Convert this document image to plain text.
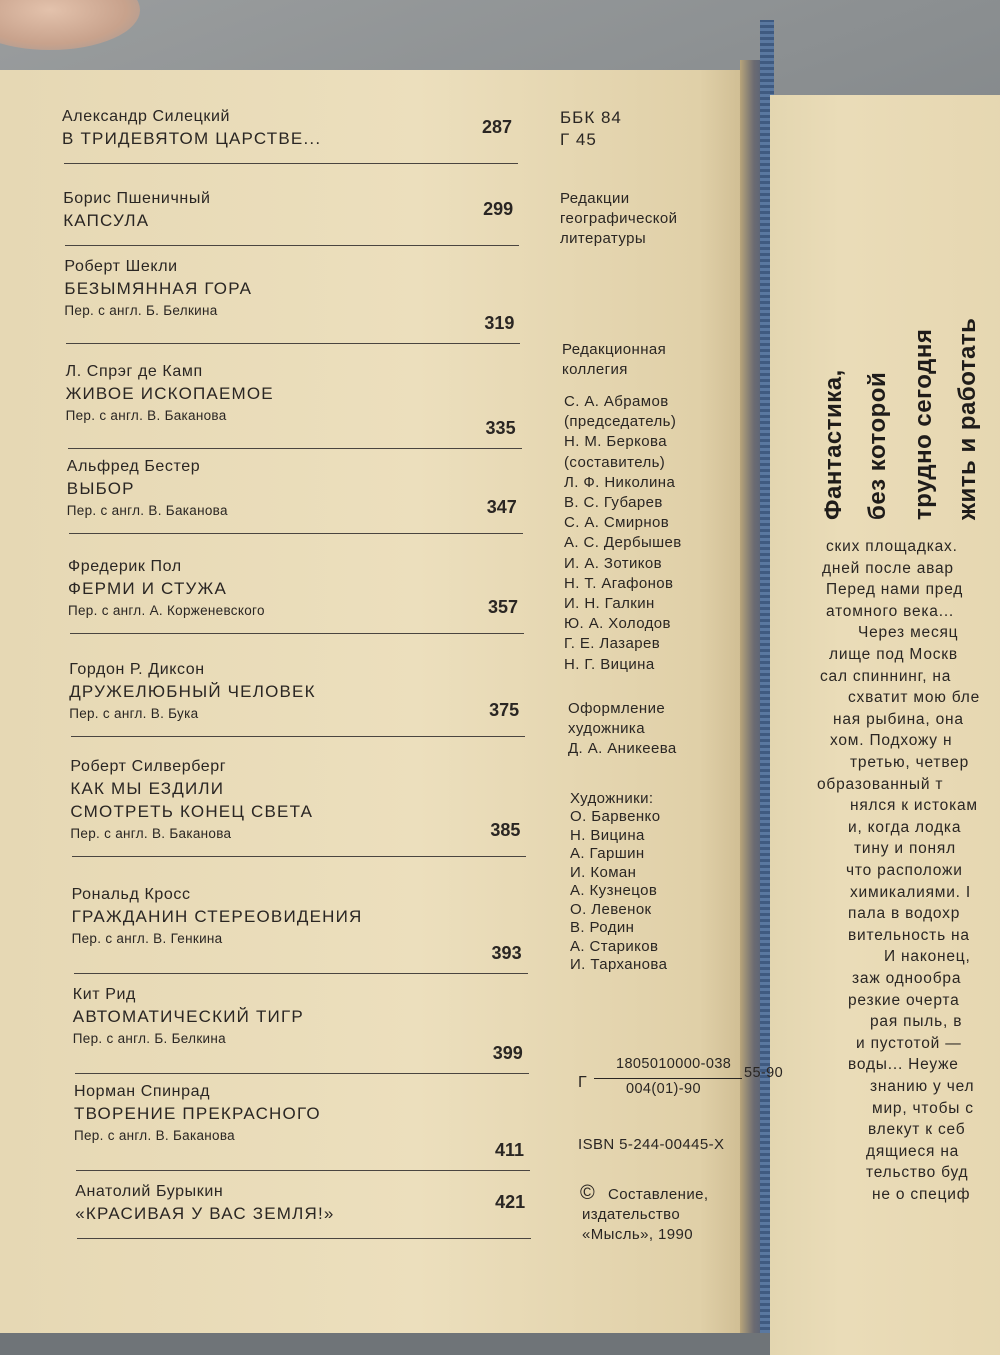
Александр Силецкий
В ТРИДЕВЯТОМ ЦАРСТВЕ...
287
Борис Пшеничный
КАПСУЛА
299
Роберт Шекли
БЕЗЫМЯННАЯ ГОРА
Пер. с англ. Б. Белкина
319
Л. Спрэг де Камп
ЖИВОЕ ИСКОПАЕМОЕ
Пер. с англ. В. Баканова
335
Альфред Бестер
ВЫБОР
Пер. с англ. В. Баканова	347
Фредерик Пол
ФЕРМИ И СТУЖА
Пер. с англ. А. Корженевского	357
Гордон Р. Диксон
ДРУЖЕЛЮБНЫЙ ЧЕЛОВЕК
Пер. с англ. В. Бука	375
Роберт Силверберг
КАК МЫ ЕЗДИЛИ
СМОТРЕТЬ КОНЕЦ СВЕТА
Пер. с англ. В. Баканова	385
Рональд Кросс
ГРАЖДАНИН СТЕРЕОВИДЕНИЯ
Пер. с англ. В. Генкина
393
Кит Рид
АВТОМАТИЧЕСКИЙ ТИГР
Пер. с англ. Б. Белкина
399
Норман Спинрад
ТВОРЕНИЕ ПРЕКРАСНОГО
Пер. с англ. В. Баканова
411
Анатолий Бурыкин
«КРАСИВАЯ У ВАС ЗЕМЛЯ!»
421
ББК 84
Г 45
Редакции
географической
литературы
Редакционная
коллегия
С. А. Абрамов
(председатель)
Н. М. Беркова
(составитель)
Л. Ф. Николина
В. С. Губарев
С. А. Смирнов
А. С. Дербышев
И. А. Зотиков
Н. Т. Агафонов
И. Н. Галкин
Ю. А. Холодов
Г. Е. Лазарев
Н. Г. Вицина
Оформление
художника
Д. А. Аникеева
Художники:
О. Барвенко
Н. Вицина
А. Гаршин
И. Коман
А. Кузнецов
О. Левенок
В. Родин
А. Стариков
И. Тарханова
Г
1805010000-038
004(01)-90
55-90
ISBN 5-244-00445-X
© Составление,
издательство
«Мысль», 1990
Фантастика, без которой трудно сегодня жить и работать
ских площадках.
дней после авар
Перед нами пред
атомного века...
Через месяц
лище под Москв
сал спиннинг, на
схватит мою бле
ная рыбина, она
хом. Подхожу н
третью, четвер
образованный т
нялся к истокам
и, когда лодка
тину и понял
что расположи
химикалиями. I
пала в водохр
вительность на
И наконец,
заж однообра
резкие очерта
рая пыль, в
и пустотой —
воды... Неуже
знанию у чел
мир, чтобы с
влекут к себ
дящиеся на
тельство буд
не о специф
